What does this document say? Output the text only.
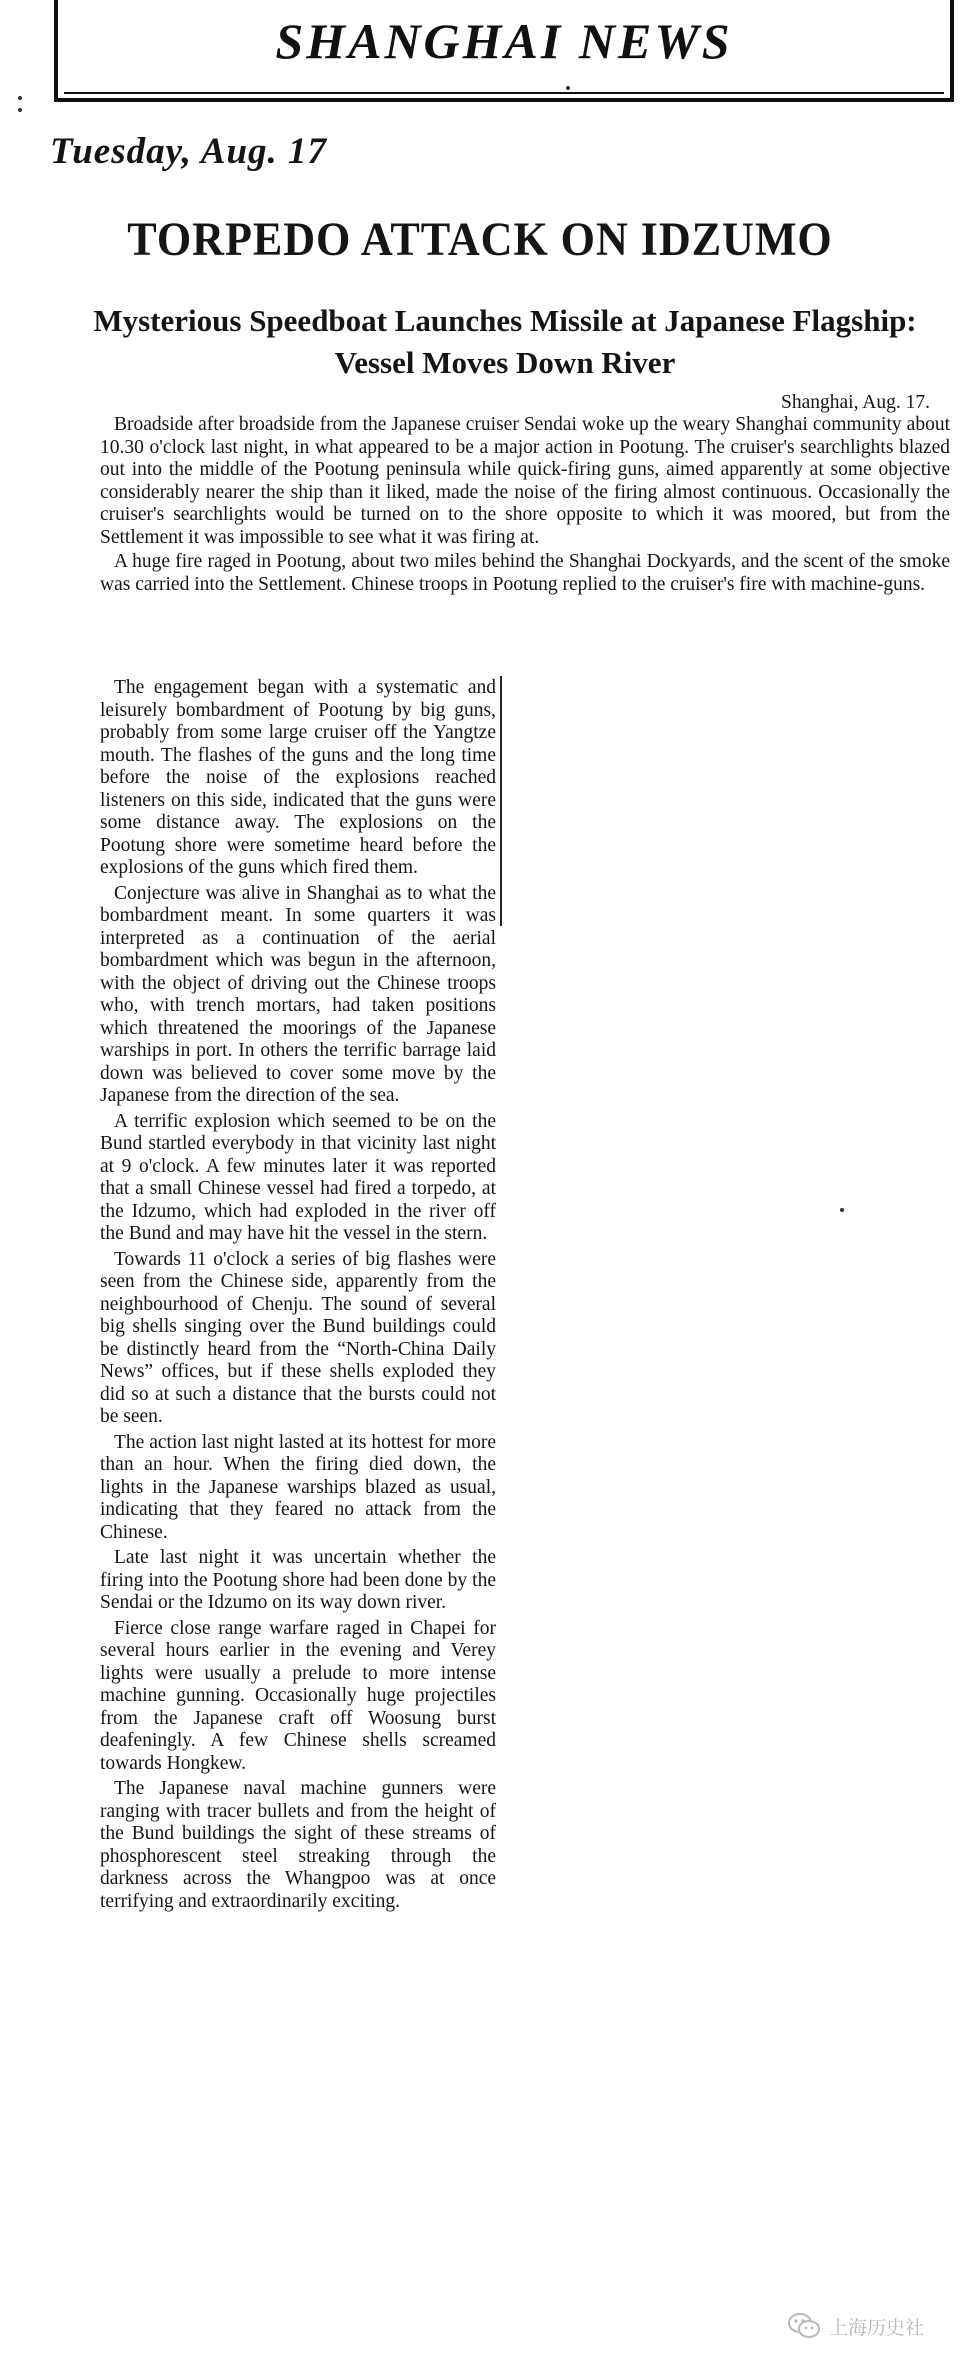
SHANGHAI NEWS
Tuesday, Aug. 17
TORPEDO ATTACK ON IDZUMO
Mysterious Speedboat Launches Missile at Japanese Flagship: Vessel Moves Down River
Shanghai, Aug. 17.

Broadside after broadside from the Japanese cruiser Sendai woke up the weary Shanghai community about 10.30 o'clock last night, in what appeared to be a major action in Pootung. The cruiser's searchlights blazed out into the middle of the Pootung peninsula while quick-firing guns, aimed apparently at some objective considerably nearer the ship than it liked, made the noise of the firing almost continuous. Occasionally the cruiser's searchlights would be turned on to the shore opposite to which it was moored, but from the Settlement it was impossible to see what it was firing at.

A huge fire raged in Pootung, about two miles behind the Shanghai Dockyards, and the scent of the smoke was carried into the Settlement. Chinese troops in Pootung replied to the cruiser's fire with machine-guns.

The engagement began with a systematic and leisurely bombardment of Pootung by big guns, probably from some large cruiser off the Yangtze mouth. The flashes of the guns and the long time before the noise of the explosions reached listeners on this side, indicated that the guns were some distance away. The explosions on the Pootung shore were sometime heard before the explosions of the guns which fired them.

Conjecture was alive in Shanghai as to what the bombardment meant. In some quarters it was interpreted as a continuation of the aerial bombardment which was begun in the afternoon, with the object of driving out the Chinese troops who, with trench mortars, had taken positions which threatened the moorings of the Japanese warships in port. In others the terrific barrage laid down was believed to cover some move by the Japanese from the direction of the sea.

A terrific explosion which seemed to be on the Bund startled everybody in that vicinity last night at 9 o'clock. A few minutes later it was reported that a small Chinese vessel had fired a torpedo, at the Idzumo, which had exploded in the river off the Bund and may have hit the vessel in the stern.

Towards 11 o'clock a series of big flashes were seen from the Chinese side, apparently from the neighbourhood of Chenju. The sound of several big shells singing over the Bund buildings could be distinctly heard from the “North-China Daily News” offices, but if these shells exploded they did so at such a distance that the bursts could not be seen.

The action last night lasted at its hottest for more than an hour. When the firing died down, the lights in the Japanese warships blazed as usual, indicating that they feared no attack from the Chinese.

Late last night it was uncertain whether the firing into the Pootung shore had been done by the Sendai or the Idzumo on its way down river.

Fierce close range warfare raged in Chapei for several hours earlier in the evening and Verey lights were usually a prelude to more intense machine gunning. Occasionally huge projectiles from the Japanese craft off Woosung burst deafeningly. A few Chinese shells screamed towards Hongkew.

The Japanese naval machine gunners were ranging with tracer bullets and from the height of the Bund buildings the sight of these streams of phosphorescent steel streaking through the darkness across the Whangpoo was at once terrifying and extraordinarily exciting.

上海历史社
